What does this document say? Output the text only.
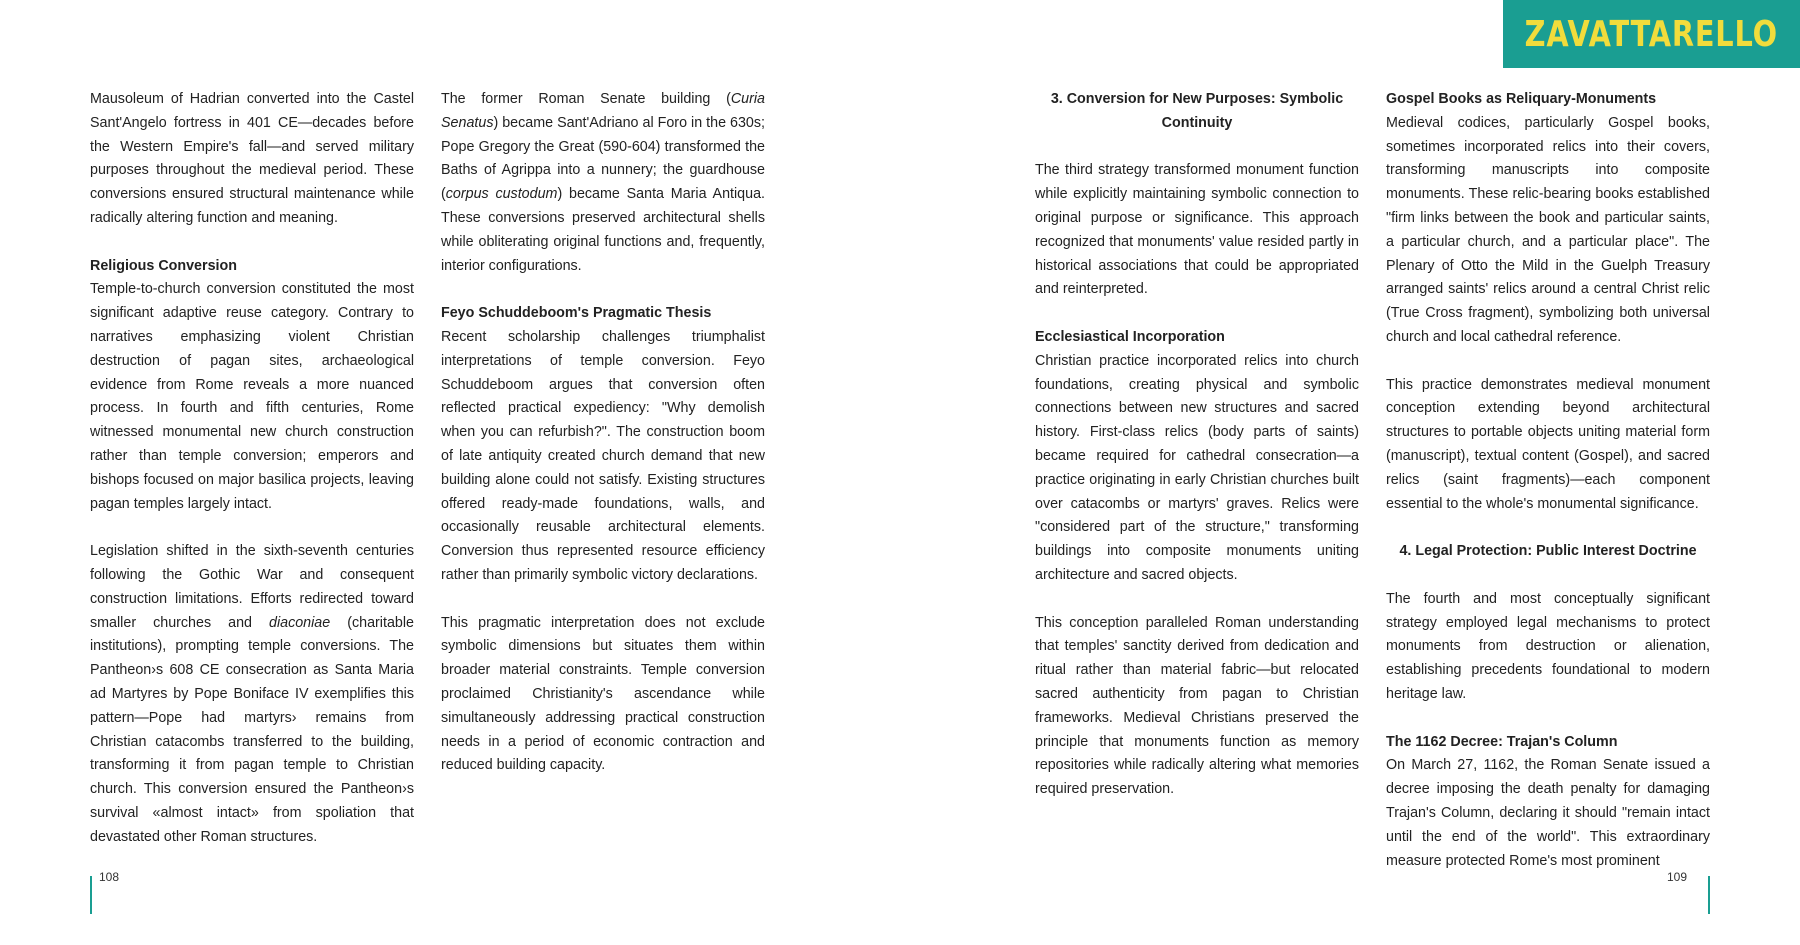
ZAVATTARELLO

Mausoleum of Hadrian converted into the Castel Sant'Angelo fortress in 401 CE—decades before the Western Empire's fall—and served military purposes throughout the medieval period. These conversions ensured structural maintenance while radically altering function and meaning.

Religious Conversion

Temple-to-church conversion constituted the most significant adaptive reuse category. Contrary to narratives emphasizing violent Christian destruction of pagan sites, archaeological evidence from Rome reveals a more nuanced process. In fourth and fifth centuries, Rome witnessed monumental new church construction rather than temple conversion; emperors and bishops focused on major basilica projects, leaving pagan temples largely intact.

Legislation shifted in the sixth-seventh centuries following the Gothic War and consequent construction limitations. Efforts redirected toward smaller churches and diaconiae (charitable institutions), prompting temple conversions. The Pantheon›s 608 CE consecration as Santa Maria ad Martyres by Pope Boniface IV exemplifies this pattern—Pope had martyrs› remains from Christian catacombs transferred to the building, transforming it from pagan temple to Christian church. This conversion ensured the Pantheon›s survival «almost intact» from spoliation that devastated other Roman structures.

The former Roman Senate building (Curia Senatus) became Sant'Adriano al Foro in the 630s; Pope Gregory the Great (590-604) transformed the Baths of Agrippa into a nunnery; the guardhouse (corpus custodum) became Santa Maria Antiqua. These conversions preserved architectural shells while obliterating original functions and, frequently, interior configurations.

Feyo Schuddeboom's Pragmatic Thesis

Recent scholarship challenges triumphalist interpretations of temple conversion. Feyo Schuddeboom argues that conversion often reflected practical expediency: "Why demolish when you can refurbish?". The construction boom of late antiquity created church demand that new building alone could not satisfy. Existing structures offered ready-made foundations, walls, and occasionally reusable architectural elements. Conversion thus represented resource efficiency rather than primarily symbolic victory declarations.

This pragmatic interpretation does not exclude symbolic dimensions but situates them within broader material constraints. Temple conversion proclaimed Christianity's ascendance while simultaneously addressing practical construction needs in a period of economic contraction and reduced building capacity.

3. Conversion for New Purposes: Symbolic Continuity

The third strategy transformed monument function while explicitly maintaining symbolic connection to original purpose or significance. This approach recognized that monuments' value resided partly in historical associations that could be appropriated and reinterpreted.

Ecclesiastical Incorporation

Christian practice incorporated relics into church foundations, creating physical and symbolic connections between new structures and sacred history. First-class relics (body parts of saints) became required for cathedral consecration—a practice originating in early Christian churches built over catacombs or martyrs' graves. Relics were "considered part of the structure," transforming buildings into composite monuments uniting architecture and sacred objects.

This conception paralleled Roman understanding that temples' sanctity derived from dedication and ritual rather than material fabric—but relocated sacred authenticity from pagan to Christian frameworks. Medieval Christians preserved the principle that monuments function as memory repositories while radically altering what memories required preservation.

Gospel Books as Reliquary-Monuments

Medieval codices, particularly Gospel books, sometimes incorporated relics into their covers, transforming manuscripts into composite monuments. These relic-bearing books established "firm links between the book and particular saints, a particular church, and a particular place". The Plenary of Otto the Mild in the Guelph Treasury arranged saints' relics around a central Christ relic (True Cross fragment), symbolizing both universal church and local cathedral reference.

This practice demonstrates medieval monument conception extending beyond architectural structures to portable objects uniting material form (manuscript), textual content (Gospel), and sacred relics (saint fragments)—each component essential to the whole's monumental significance.

4. Legal Protection: Public Interest Doctrine

The fourth and most conceptually significant strategy employed legal mechanisms to protect monuments from destruction or alienation, establishing precedents foundational to modern heritage law.

The 1162 Decree: Trajan's Column

On March 27, 1162, the Roman Senate issued a decree imposing the death penalty for damaging Trajan's Column, declaring it should "remain intact until the end of the world". This extraordinary measure protected Rome's most prominent

108	109
